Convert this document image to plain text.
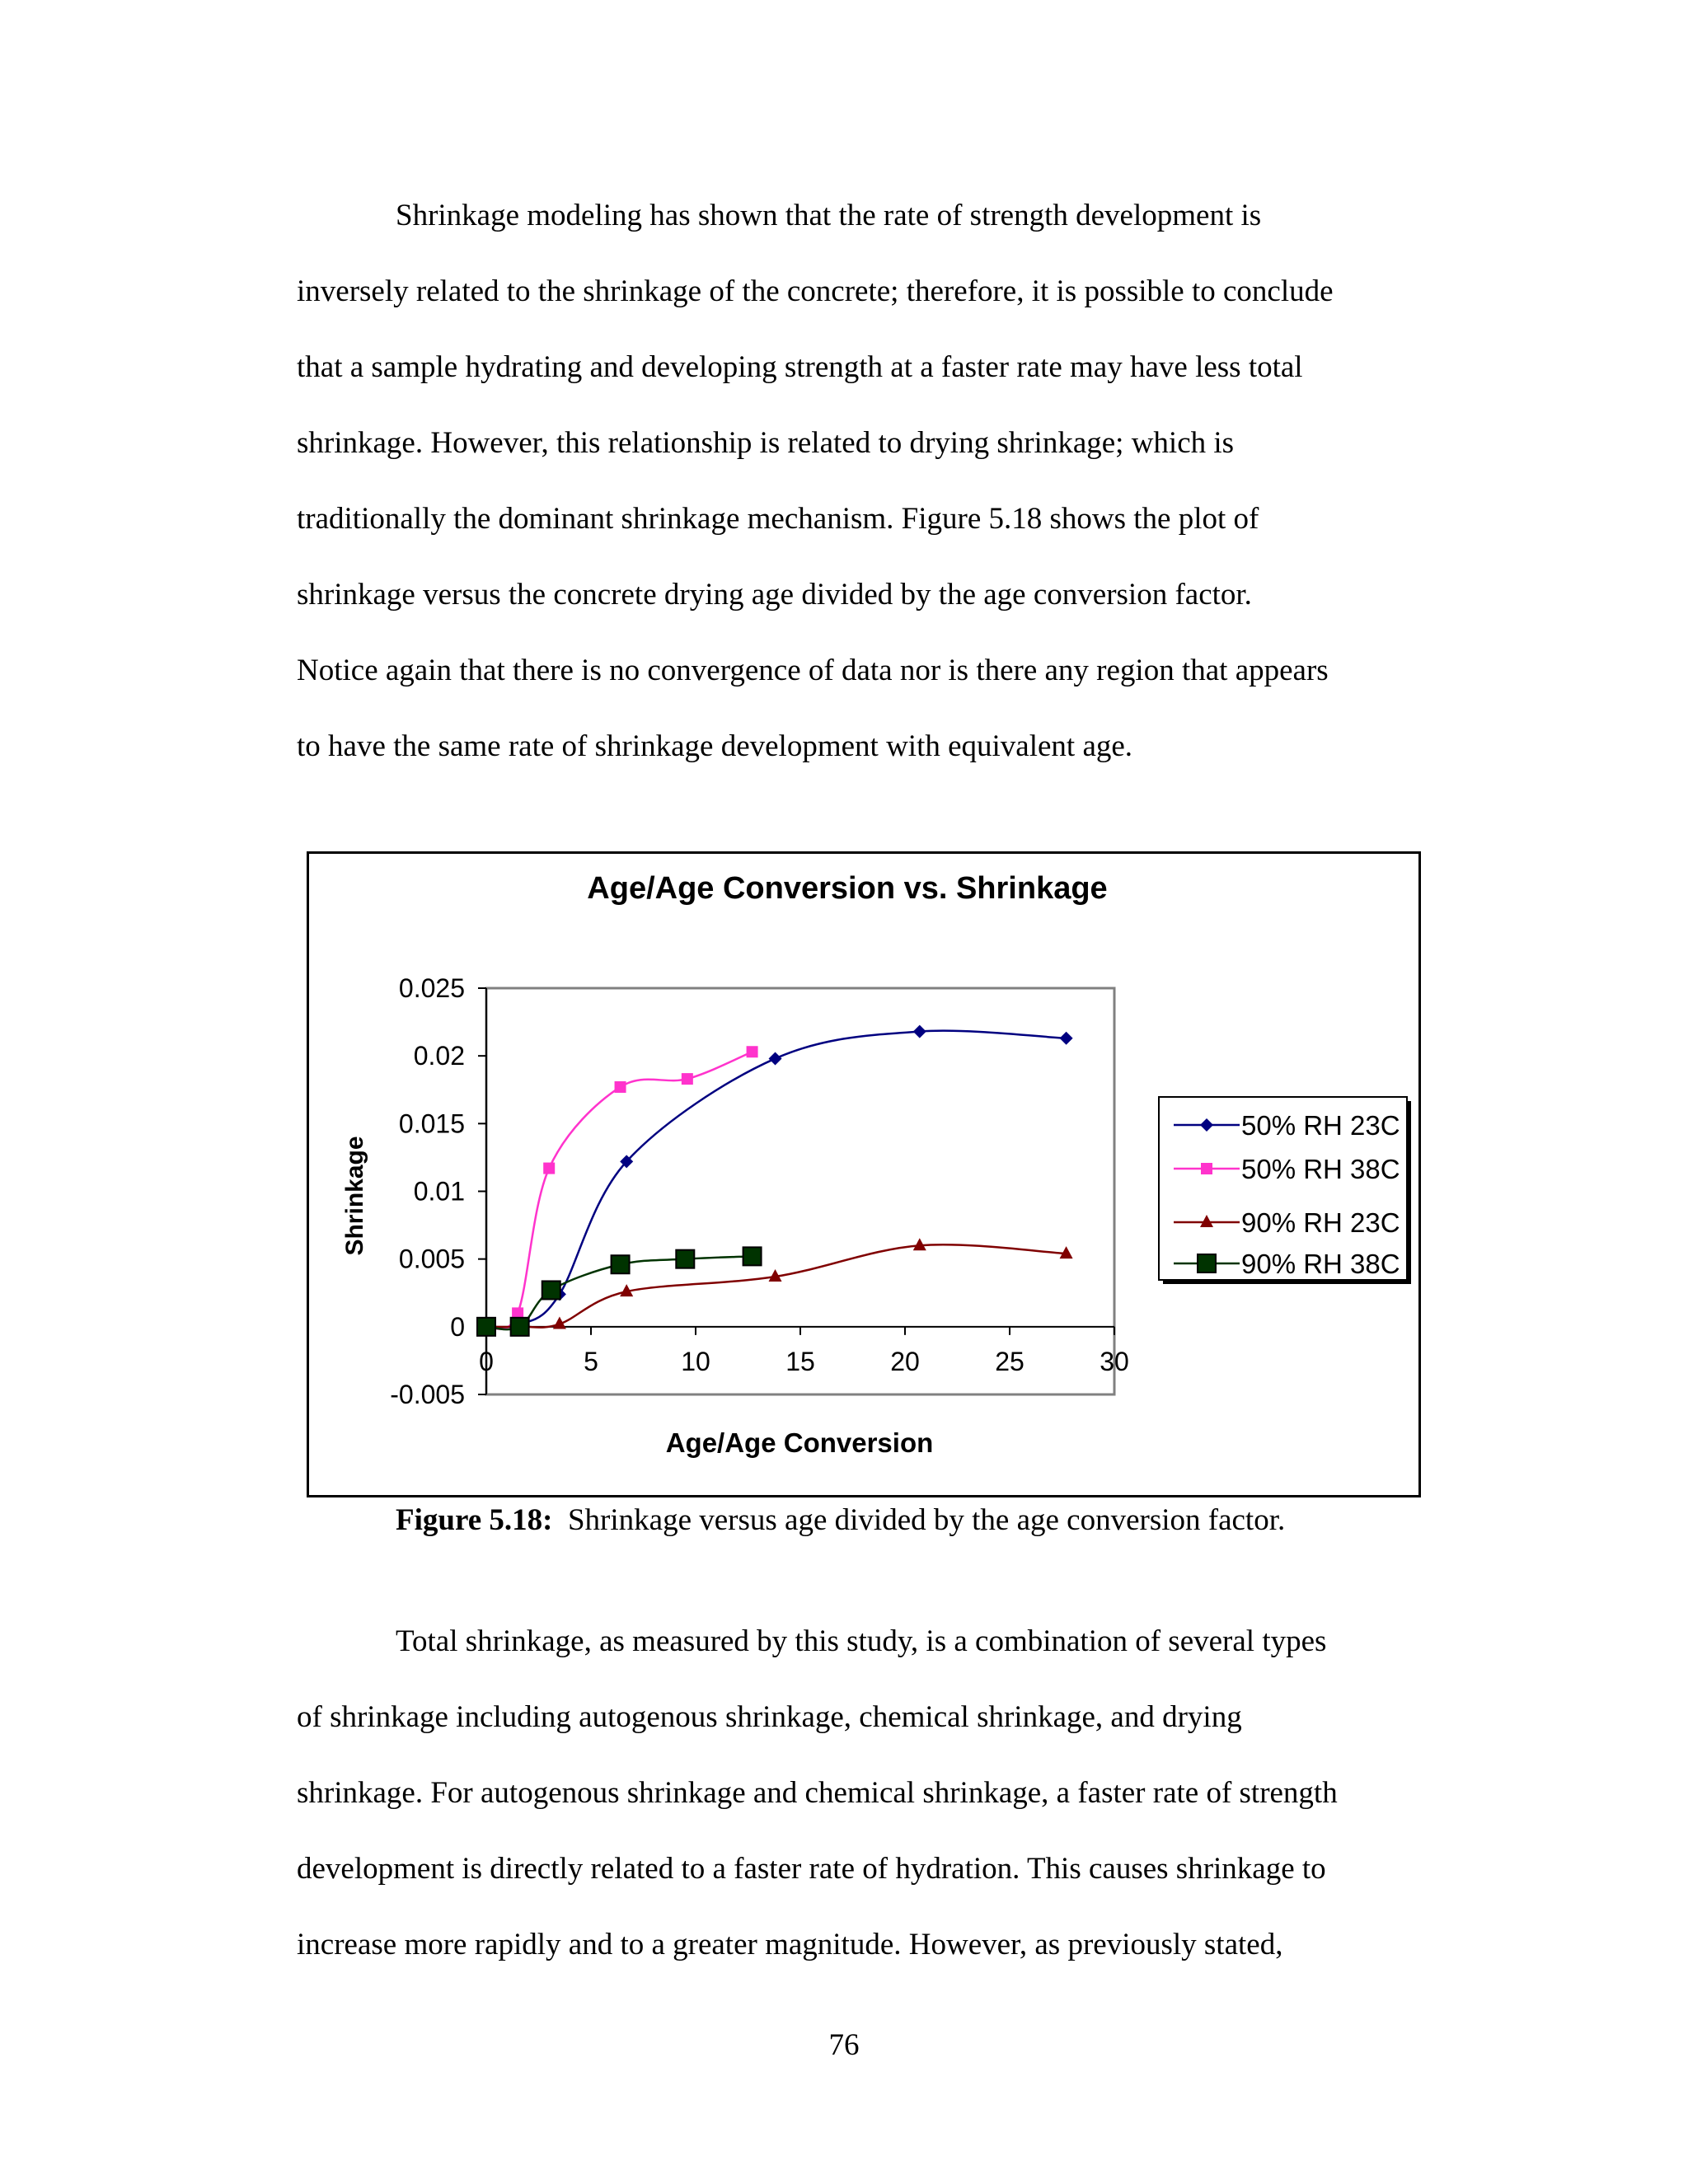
Shrinkage modeling has shown that the rate of strength development is
inversely related to the shrinkage of the concrete; therefore, it is possible to conclude
that a sample hydrating and developing strength at a faster rate may have less total
shrinkage. However, this relationship is related to drying shrinkage; which is
traditionally the dominant shrinkage mechanism. Figure 5.18 shows the plot of
shrinkage versus the concrete drying age divided by the age conversion factor.
Notice again that there is no convergence of data nor is there any region that appears
to have the same rate of shrinkage development with equivalent age.
Age/Age Conversion vs. Shrinkage
0.025
0.02
0.015
0.01
0.005
0
-0.005
0	5	10	15	20	25	30
Shrinkage
Age/Age Conversion
50% RH 23C
50% RH 38C
90% RH 23C
90% RH 38C

Figure 5.18: Shrinkage versus age divided by the age conversion factor.

Total shrinkage, as measured by this study, is a combination of several types
of shrinkage including autogenous shrinkage, chemical shrinkage, and drying
shrinkage. For autogenous shrinkage and chemical shrinkage, a faster rate of strength
development is directly related to a faster rate of hydration. This causes shrinkage to
increase more rapidly and to a greater magnitude. However, as previously stated,
76
